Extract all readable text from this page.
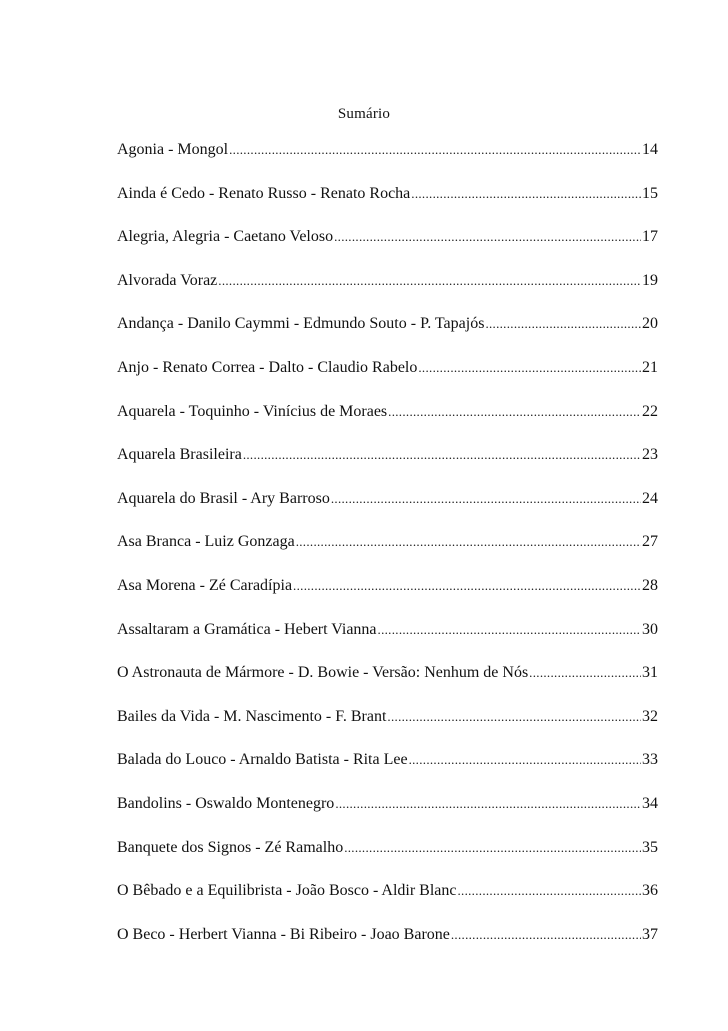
Sumário
Agonia - Mongol .....	14
Ainda é Cedo - Renato Russo - Renato Rocha .....	15
Alegria, Alegria - Caetano Veloso .....	17
Alvorada Voraz .....	19
Andança - Danilo Caymmi - Edmundo Souto - P. Tapajós .....	20
Anjo - Renato Correa - Dalto - Claudio Rabelo .....	21
Aquarela - Toquinho - Vinícius de Moraes .....	22
Aquarela Brasileira .....	23
Aquarela do Brasil - Ary Barroso .....	24
Asa Branca - Luiz Gonzaga .....	27
Asa Morena - Zé Caradípia .....	28
Assaltaram a Gramática - Hebert Vianna .....	30
O Astronauta de Mármore - D. Bowie - Versão: Nenhum de Nós .....	31
Bailes da Vida - M. Nascimento - F. Brant .....	32
Balada do Louco - Arnaldo Batista - Rita Lee .....	33
Bandolins - Oswaldo Montenegro .....	34
Banquete dos Signos - Zé Ramalho .....	35
O Bêbado e a Equilibrista - João Bosco - Aldir Blanc .....	36
O Beco - Herbert Vianna - Bi Ribeiro - Joao Barone .....	37
